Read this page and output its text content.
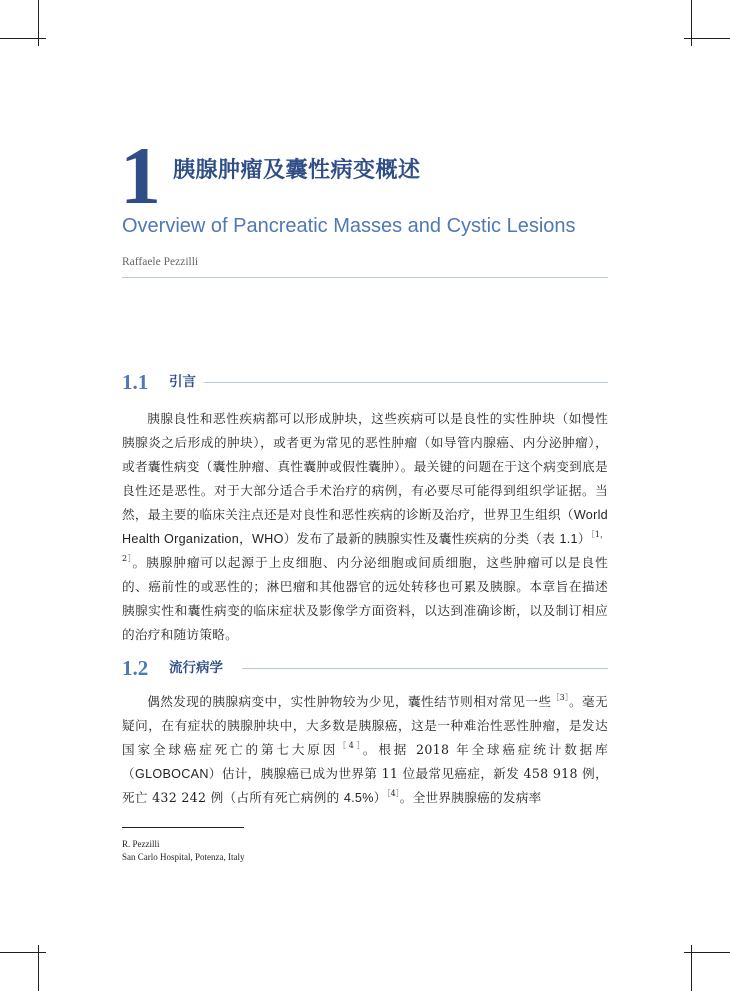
1 胰腺肿瘤及囊性病变概述
Overview of Pancreatic Masses and Cystic Lesions
Raffaele Pezzilli
1.1 引言

胰腺良性和恶性疾病都可以形成肿块，这些疾病可以是良性的实性肿块（如慢性胰腺炎之后形成的肿块），或者更为常见的恶性肿瘤（如导管内腺癌、内分泌肿瘤），或者囊性病变（囊性肿瘤、真性囊肿或假性囊肿）。最关键的问题在于这个病变到底是良性还是恶性。对于大部分适合手术治疗的病例，有必要尽可能得到组织学证据。当然，最主要的临床关注点还是对良性和恶性疾病的诊断及治疗，世界卫生组织（World Health Organization，WHO）发布了最新的胰腺实性及囊性疾病的分类（表 1.1）$^{[1,2]}$。胰腺肿瘤可以起源于上皮细胞、内分泌细胞或间质细胞，这些肿瘤可以是良性的、癌前性的或恶性的；淋巴瘤和其他器官的远处转移也可累及胰腺。本章旨在描述胰腺实性和囊性病变的临床症状及影像学方面资料，以达到准确诊断，以及制订相应的治疗和随访策略。

1.2 流行病学

偶然发现的胰腺病变中，实性肿物较为少见，囊性结节则相对常见一些$^{[3]}$。毫无疑问，在有症状的胰腺肿块中，大多数是胰腺癌，这是一种难治性恶性肿瘤，是发达国家全球癌症死亡的第七大原因$^{[4]}$。根据 2018 年全球癌症统计数据库（GLOBOCAN）估计，胰腺癌已成为世界第 11 位最常见癌症，新发 458 918 例，死亡 432 242 例（占所有死亡病例的 4.5%）$^{[4]}$。全世界胰腺癌的发病率

R. Pezzilli
San Carlo Hospital, Potenza, Italy
